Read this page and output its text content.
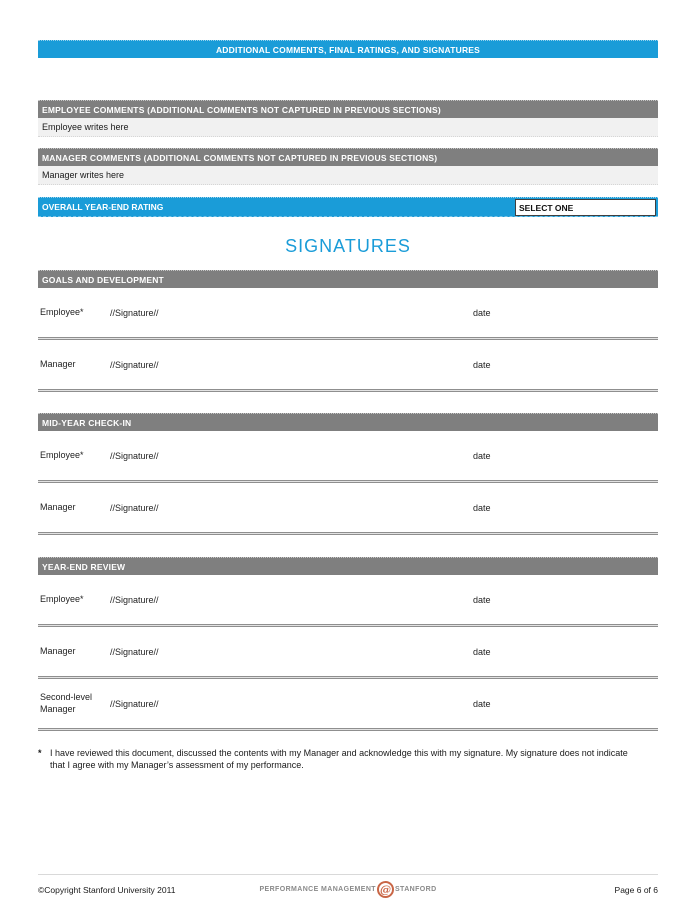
ADDITIONAL COMMENTS, FINAL RATINGS, AND SIGNATURES
EMPLOYEE COMMENTS (ADDITIONAL COMMENTS NOT CAPTURED IN PREVIOUS SECTIONS)
Employee writes here
MANAGER COMMENTS (ADDITIONAL COMMENTS NOT CAPTURED IN PREVIOUS SECTIONS)
Manager writes here
OVERALL YEAR-END RATING	SELECT ONE
SIGNATURES
GOALS AND DEVELOPMENT
Employee*	//Signature//	date
Manager	//Signature//	date
MID-YEAR CHECK-IN
Employee*	//Signature//	date
Manager	//Signature//	date
YEAR-END REVIEW
Employee*	//Signature//	date
Manager	//Signature//	date
Second-level Manager	//Signature//	date
* I have reviewed this document, discussed the contents with my Manager and acknowledge this with my signature. My signature does not indicate that I agree with my Manager’s assessment of my performance.
©Copyright Stanford University 2011	PERFORMANCE MANAGEMENT @ STANFORD	Page 6 of 6
